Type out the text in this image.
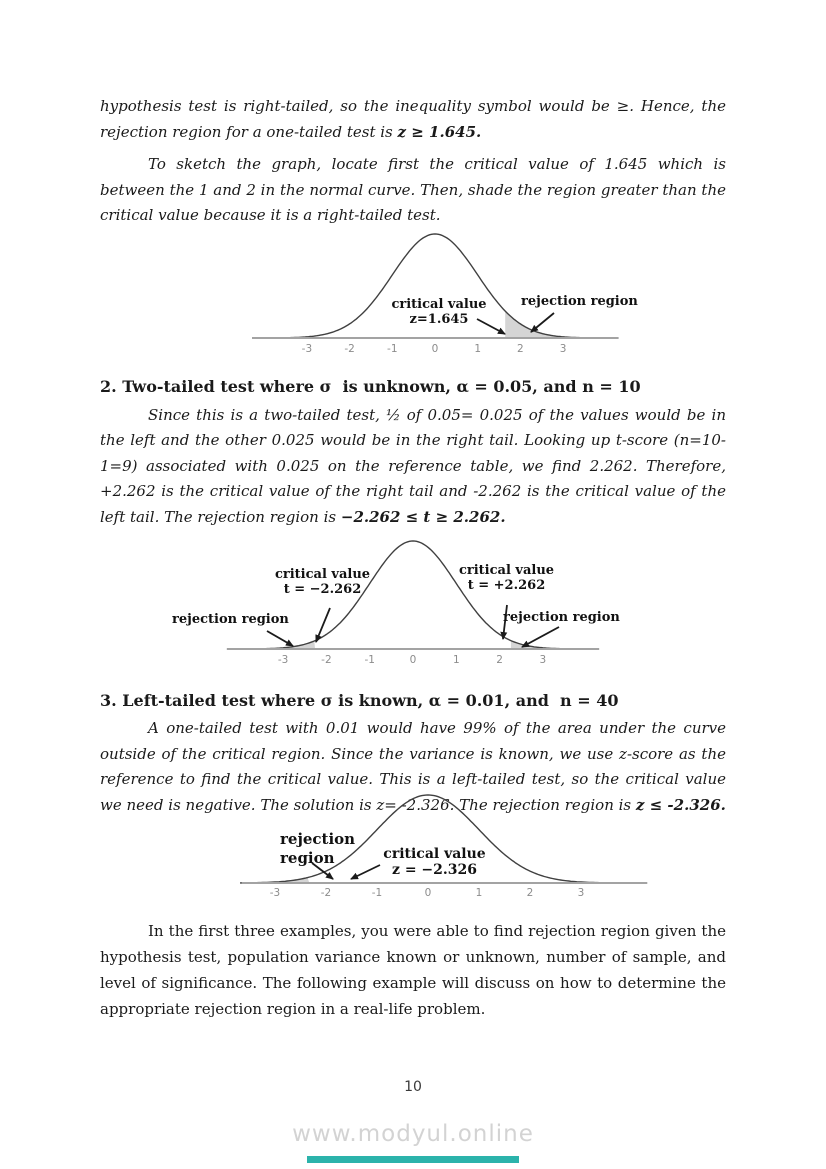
hypothesis test is right-tailed, so the inequality symbol would be ≥. Hence, the rejection region for a one-tailed test is z ≥ 1.645.

To sketch the graph, locate first the critical value of 1.645 which is between the 1 and 2 in the normal curve. Then, shade the region greater than the critical value because it is a right-tailed test.

-3	-2	-1	0	1	2	3
critical value
z=1.645
rejection region
2. Two-tailed test where σ  is unknown, α = 0.05, and n = 10

Since this is a two-tailed test, ½ of 0.05= 0.025 of the values would be in the left and the other 0.025 would be in the right tail. Looking up t-score (n=10-1=9) associated with 0.025 on the reference table, we find 2.262. Therefore, +2.262 is the critical value of the right tail and -2.262 is the critical value of the left tail. The rejection region is −2.262 ≤ t ≥ 2.262.

-3	-2	-1	0	1	2	3
critical value
t = −2.262
critical value
t = +2.262
rejection region	rejection region
3. Left-tailed test where σ is known, α = 0.01, and  n = 40

A one-tailed test with 0.01 would have 99% of the area under the curve outside of the critical region. Since the variance is known, we use z-score as the reference to find the critical value. This is a left-tailed test, so the critical value we need is negative. The solution is z= -2.326. The rejection region is z ≤ -2.326.

-3	-2	-1	0	1	2	3
rejection
region	critical value
z = −2.326

In the first three examples, you were able to find rejection region given the hypothesis test, population variance known or unknown, number of sample, and level of significance. The following example will discuss on how to determine the appropriate rejection region in a real-life problem.

10
www.modyul.online
